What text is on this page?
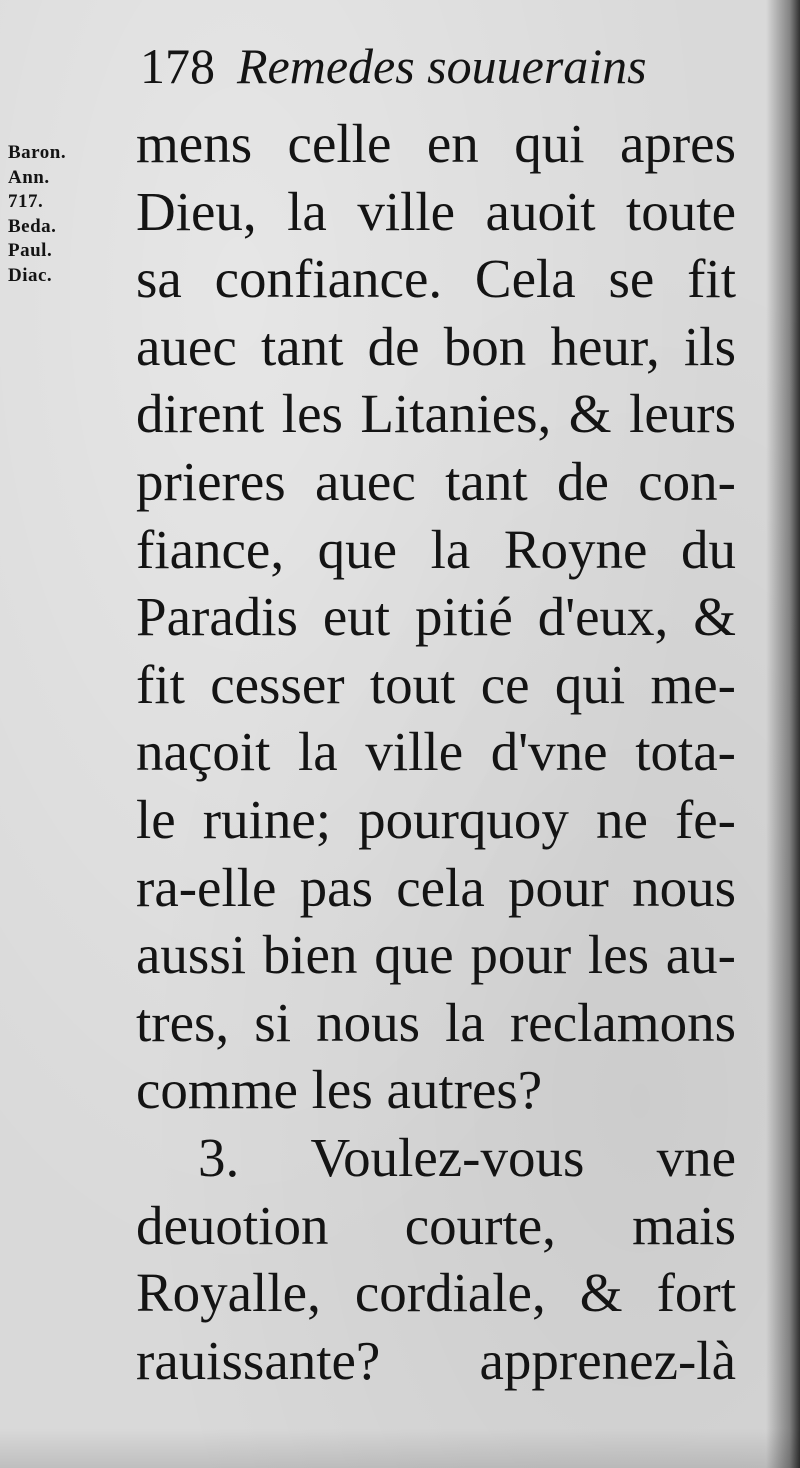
178 Remedes souuerains
Baron.
Ann.
717.
Beda.
Paul.
Diac.
mens celle en qui apres
Dieu, la ville auoit toute
sa confiance. Cela se fit
auec tant de bon heur, ils
dirent les Litanies, & leurs
prieres auec tant de con-
fiance, que la Royne du
Paradis eut pitié d'eux, &
fit cesser tout ce qui me-
naçoit la ville d'vne tota-
le ruine; pourquoy ne fe-
ra-elle pas cela pour nous
aussi bien que pour les au-
tres, si nous la reclamons
comme les autres?
3. Voulez-vous vne
deuotion courte, mais
Royalle, cordiale, & fort
rauissante? apprenez-là
